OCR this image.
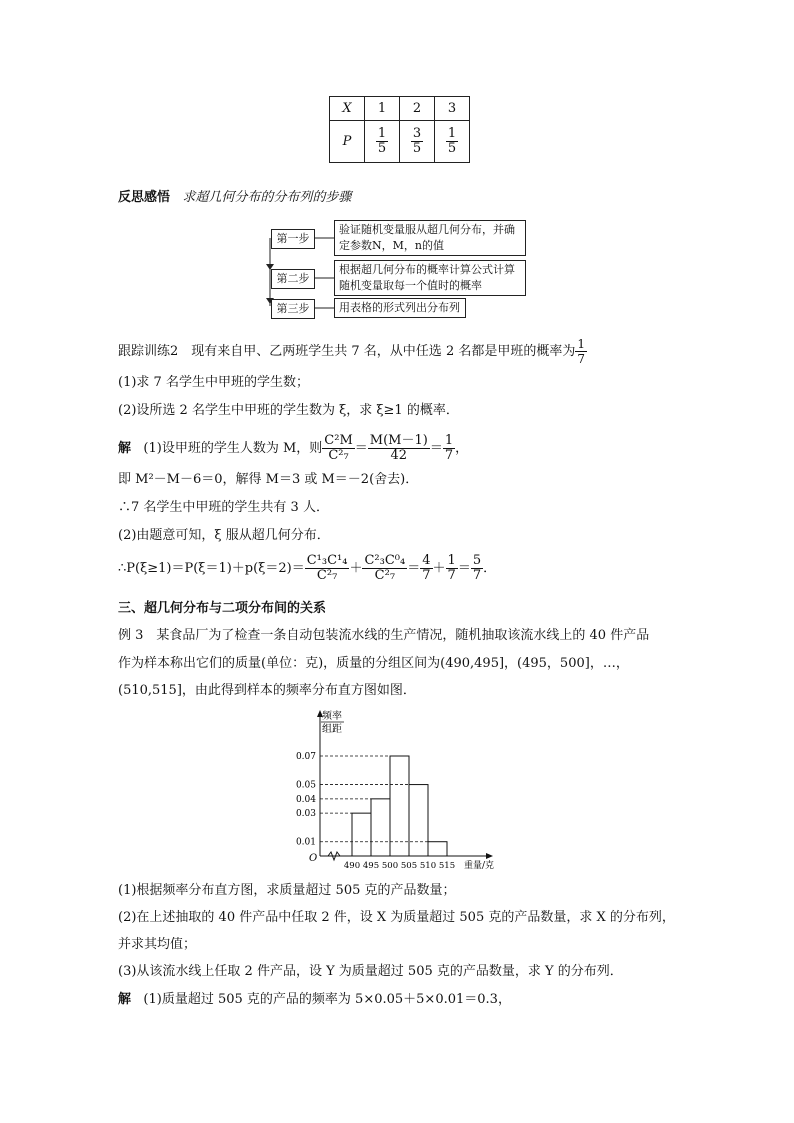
X	1	2	3
P	$\frac{1}{5}$	$\frac{3}{5}$	$\frac{1}{5}$
反思感悟 求超几何分布的分布列的步骤
第一步
第二步
第三步
验证随机变量服从超几何分布，并确定参数N，M，n的值
根据超几何分布的概率计算公式计算随机变量取每一个值时的概率
用表格的形式列出分布列
跟踪训练2　现有来自甲、乙两班学生共 7 名，从中任选 2 名都是甲班的概率为 $\frac{1}{7}$
(1)求 7 名学生中甲班的学生数；
(2)设所选 2 名学生中甲班的学生数为 ξ，求 ξ≥1 的概率．
解 (1)设甲班的学生人数为 M，则 $\frac{\text{C²M}}{\text{C²₇}} = \frac{M(M-1)}{42} = \frac{1}{7}$ ，
即 M²－M－6＝0，解得 M＝3 或 M＝－2(舍去)．
∴7 名学生中甲班的学生共有 3 人．
(2)由题意可知，ξ 服从超几何分布．
∴P(ξ≥1)＝P(ξ＝1)＋p(ξ＝2)＝ $\frac{\text{C¹₃C¹₄}}{\text{C²₇}} + \frac{\text{C²₃C⁰₄}}{\text{C²₇}} = \frac{4}{7} + \frac{1}{7} = \frac{5}{7}$ ．
三、超几何分布与二项分布间的关系
例 3　某食品厂为了检查一条自动包装流水线的生产情况，随机抽取该流水线上的 40 件产品
作为样本称出它们的质量(单位：克)，质量的分组区间为(490,495]，(495，500]，…，
(510,515]，由此得到样本的频率分布直方图如图．
频率
组距
O
0.01
0.03
0.04
0.05
0.07
490 495 500 505 510 515 重量/克
(1)根据频率分布直方图，求质量超过 505 克的产品数量；
(2)在上述抽取的 40 件产品中任取 2 件，设 X 为质量超过 505 克的产品数量，求 X 的分布列，
并求其均值；
(3)从该流水线上任取 2 件产品，设 Y 为质量超过 505 克的产品数量，求 Y 的分布列．
解 (1)质量超过 505 克的产品的频率为 5×0.05＋5×0.01＝0.3，
